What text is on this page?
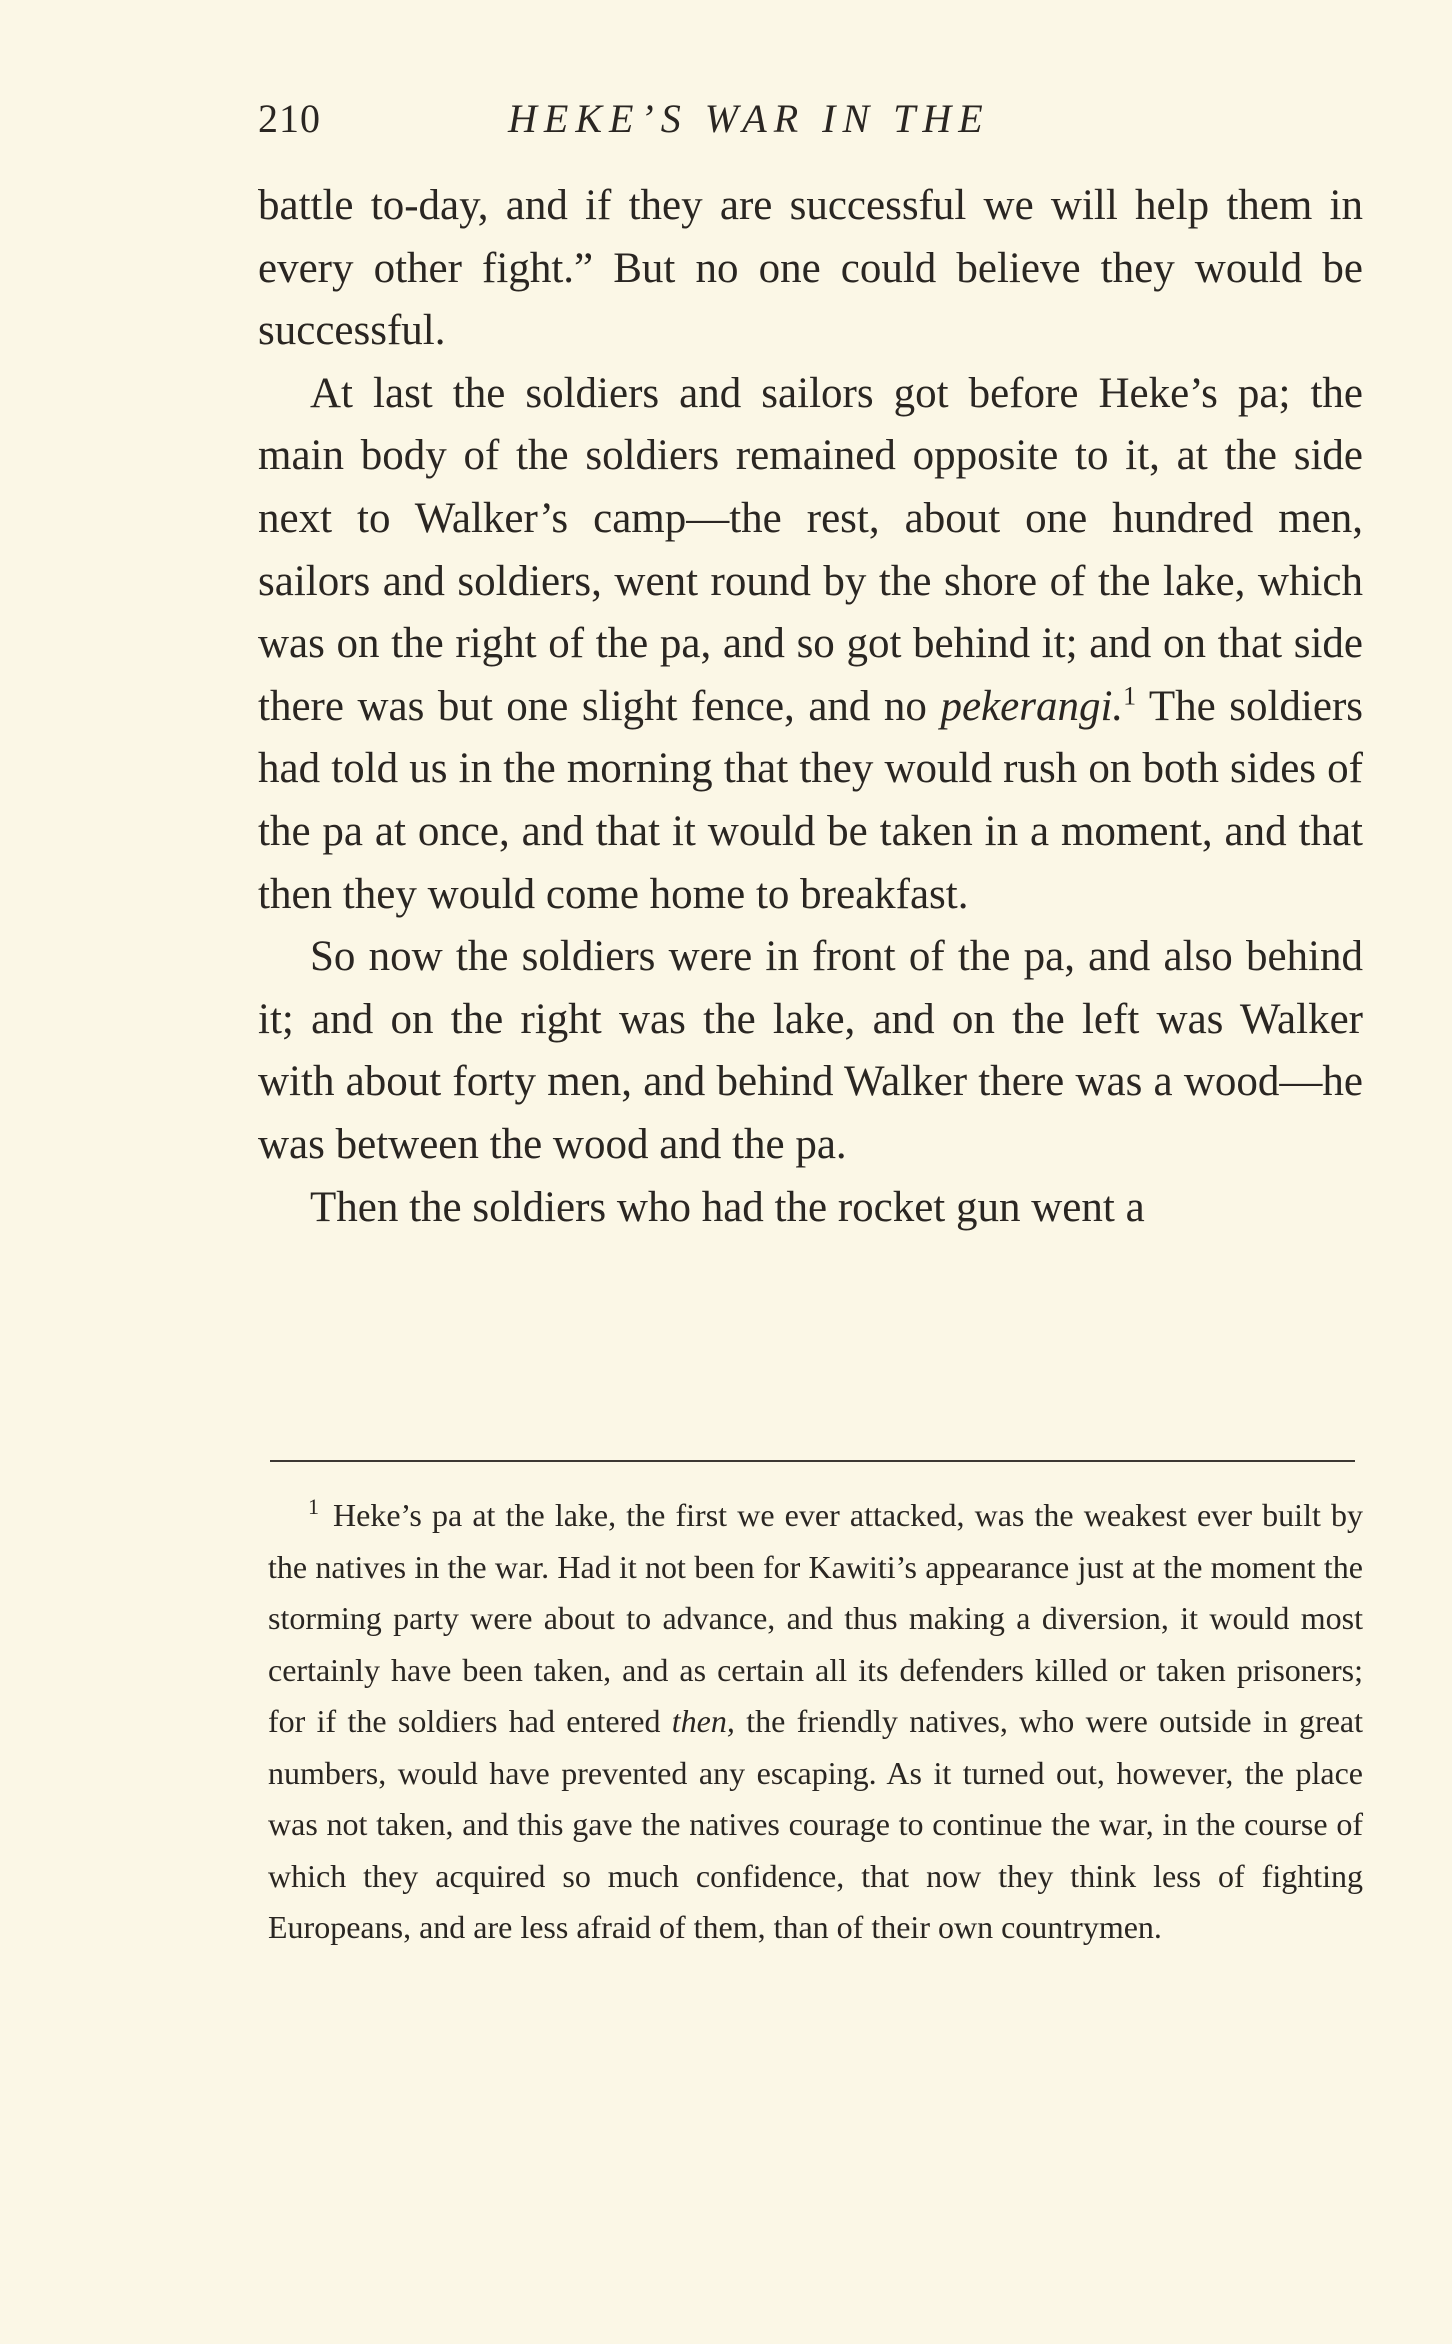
210	HEKE’S WAR IN THE

battle to-day, and if they are successful we will help them in every other fight.” But no one could believe they would be successful.

At last the soldiers and sailors got before Heke’s pa; the main body of the soldiers remained opposite to it, at the side next to Walker’s camp—the rest, about one hundred men, sailors and soldiers, went round by the shore of the lake, which was on the right of the pa, and so got behind it; and on that side there was but one slight fence, and no pekerangi.$^1$ The soldiers had told us in the morning that they would rush on both sides of the pa at once, and that it would be taken in a moment, and that then they would come home to breakfast.

So now the soldiers were in front of the pa, and also behind it; and on the right was the lake, and on the left was Walker with about forty men, and behind Walker there was a wood—he was between the wood and the pa.

Then the soldiers who had the rocket gun went a

$^1$ Heke’s pa at the lake, the first we ever attacked, was the weakest ever built by the natives in the war. Had it not been for Kawiti’s appearance just at the moment the storming party were about to advance, and thus making a diversion, it would most certainly have been taken, and as certain all its defenders killed or taken prisoners; for if the soldiers had entered then, the friendly natives, who were outside in great numbers, would have prevented any escaping. As it turned out, however, the place was not taken, and this gave the natives courage to continue the war, in the course of which they acquired so much confidence, that now they think less of fighting Europeans, and are less afraid of them, than of their own countrymen.
